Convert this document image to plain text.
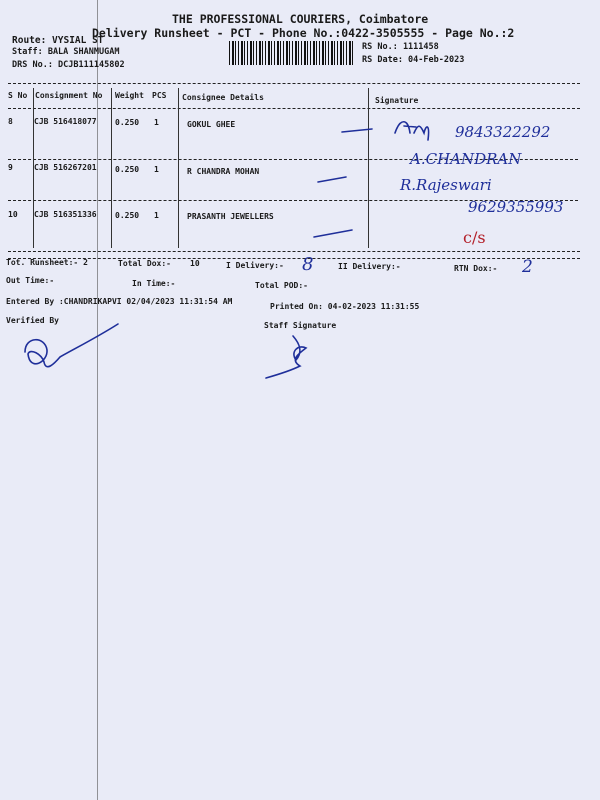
THE PROFESSIONAL COURIERS, Coimbatore
Delivery Runsheet - PCT - Phone No.:0422-3505555 - Page No.:2
Route: VYSIAL ST
Staff: BALA SHANMUGAM
DRS No.: DCJB111145802
RS No.: 1111458
RS Date: 04-Feb-2023
S No Consignment No Weight PCS Consignee Details	Signature
8	CJB 516418077 0.250 1	GOKUL GHEE
9	CJB 516267201 0.250 1	R CHANDRA MOHAN
10 CJB 516351336 0.250 1	PRASANTH JEWELLERS
9843322292
A.CHANDRAN
R.Rajeswari
9629355993
c/s
8	2
Tot. Runsheet:- 2	Total Dox:- 10	I Delivery:-	II Delivery:-	RTN Dox:-
Out Time:-	In Time:-	Total POD:-
Entered By :CHANDRIKAPVI 02/04/2023 11:31:54 AM
Printed On: 04-02-2023 11:31:55
Verified By
Staff Signature
